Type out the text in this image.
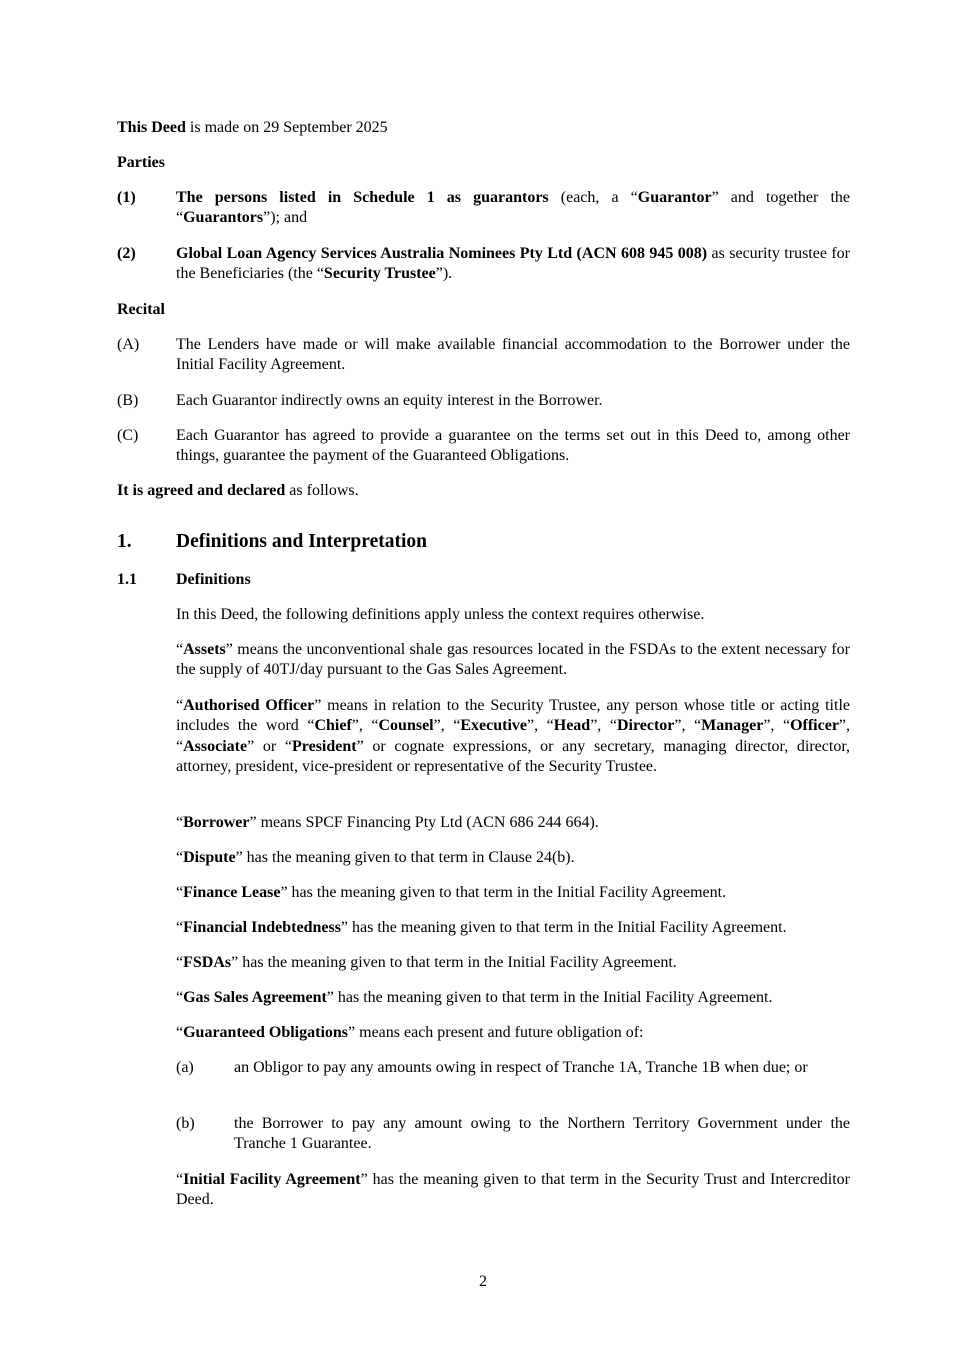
This Deed is made on 29 September 2025

Parties

(1)	The persons listed in Schedule 1 as guarantors (each, a “Guarantor” and together the “Guarantors”); and

(2)	Global Loan Agency Services Australia Nominees Pty Ltd (ACN 608 945 008) as security trustee for the Beneficiaries (the “Security Trustee”).

Recital

(A) The Lenders have made or will make available financial accommodation to the Borrower under the Initial Facility Agreement.

(B) Each Guarantor indirectly owns an equity interest in the Borrower.

(C) Each Guarantor has agreed to provide a guarantee on the terms set out in this Deed to, among other things, guarantee the payment of the Guaranteed Obligations.

It is agreed and declared as follows.

1. Definitions and Interpretation

1.1 Definitions

In this Deed, the following definitions apply unless the context requires otherwise.

“Assets” means the unconventional shale gas resources located in the FSDAs to the extent necessary for the supply of 40TJ/day pursuant to the Gas Sales Agreement.

“Authorised Officer” means in relation to the Security Trustee, any person whose title or acting title includes the word “Chief”, “Counsel”, “Executive”, “Head”, “Director”, “Manager”, “Officer”, “Associate” or “President” or cognate expressions, or any secretary, managing director, director, attorney, president, vice-president or representative of the Security Trustee.

“Borrower” means SPCF Financing Pty Ltd (ACN 686 244 664).

“Dispute” has the meaning given to that term in Clause 24(b).

“Finance Lease” has the meaning given to that term in the Initial Facility Agreement.

“Financial Indebtedness” has the meaning given to that term in the Initial Facility Agreement.

“FSDAs” has the meaning given to that term in the Initial Facility Agreement.

“Gas Sales Agreement” has the meaning given to that term in the Initial Facility Agreement.

“Guaranteed Obligations” means each present and future obligation of:

(a)	an Obligor to pay any amounts owing in respect of Tranche 1A, Tranche 1B when due; or

(b) the Borrower to pay any amount owing to the Northern Territory Government under the Tranche 1 Guarantee.

“Initial Facility Agreement” has the meaning given to that term in the Security Trust and Intercreditor Deed.

2
